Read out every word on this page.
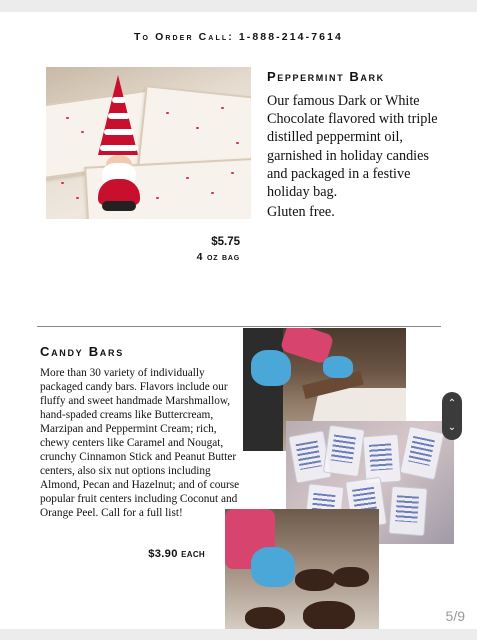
To Order Call: 1-888-214-7614
Peppermint Bark
Our famous Dark or White Chocolate flavored with triple distilled peppermint oil, garnished in holiday candies and packaged in a festive holiday bag.
Gluten free.
$5.75
4 oz bag
Candy Bars
More than 30 variety of individually packaged candy bars. Flavors include our fluffy and sweet handmade Marshmallow, hand-spaded creams like Buttercream, Marzipan and Peppermint Cream; rich, chewy centers like Caramel and Nougat, crunchy Cinnamon Stick and Peanut Butter centers, also six nut options including Almond, Pecan and Hazelnut; and of course popular fruit centers including Coconut and Orange Peel. Call for a full list!
$3.90 each
5/9
⌃
⌄
